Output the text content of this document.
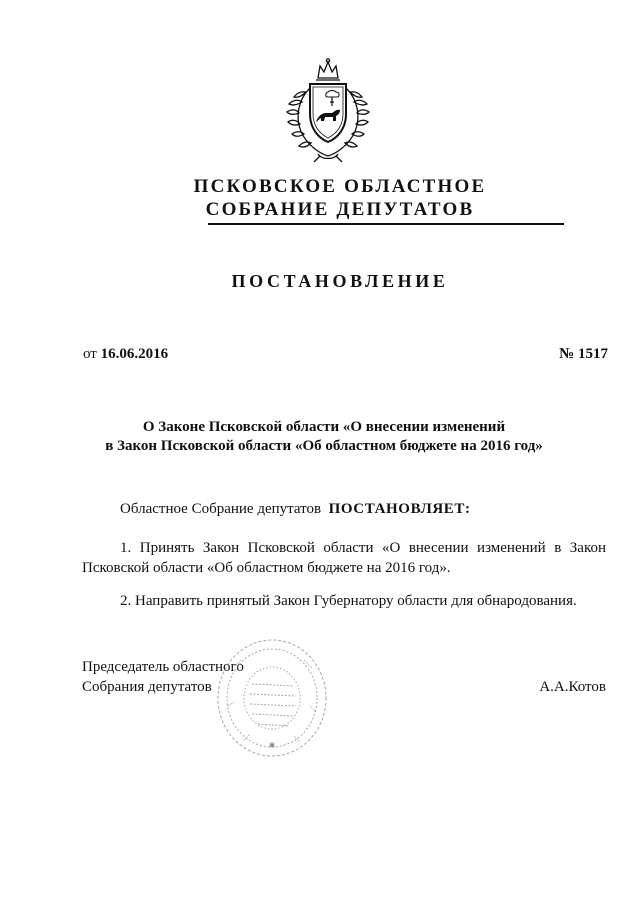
ПСКОВСКОЕ ОБЛАСТНОЕ
СОБРАНИЕ ДЕПУТАТОВ
ПОСТАНОВЛЕНИЕ
от 16.06.2016	№ 1517
О Законе Псковской области «О внесении изменений
в Закон Псковской области «Об областном бюджете на 2016 год»
Областное Собрание депутатов ПОСТАНОВЛЯЕТ:
1. Принять Закон Псковской области «О внесении изменений в Закон Псковской области «Об областном бюджете на 2016 год».
2. Направить принятый Закон Губернатору области для обнародования.
Председатель областного
Собрания депутатов	А.А.Котов
✱
